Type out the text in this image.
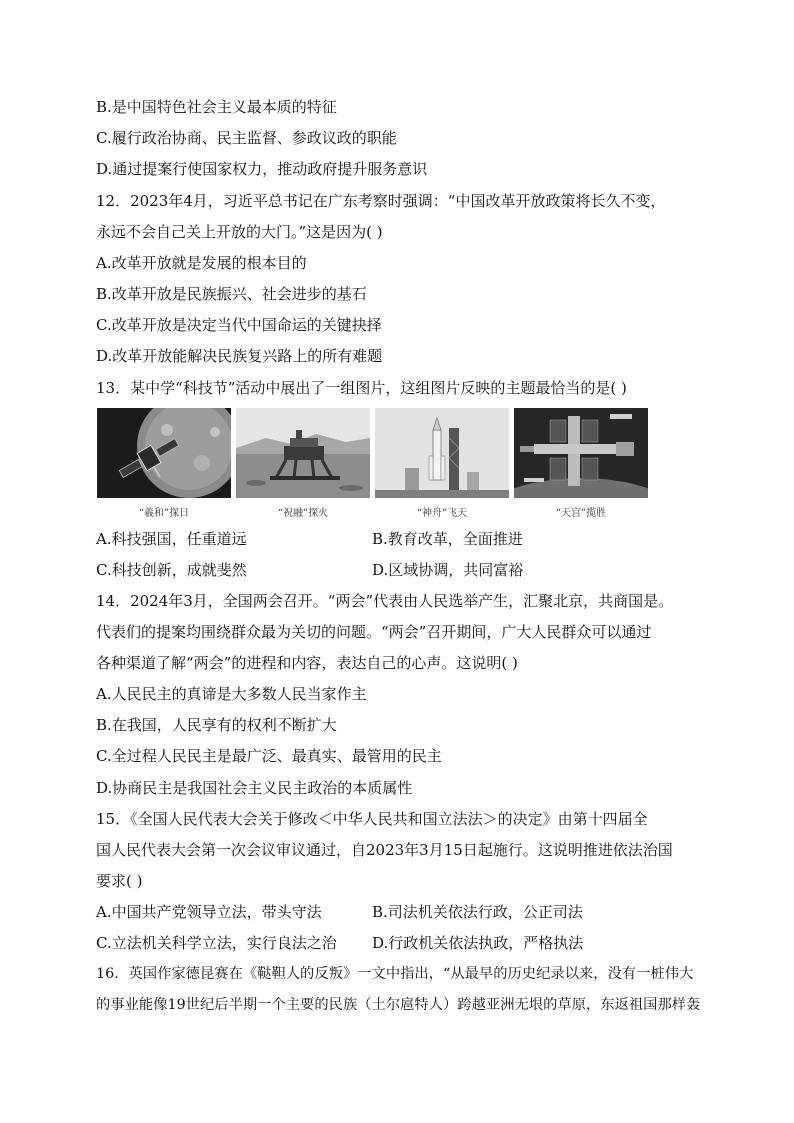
B.是中国特色社会主义最本质的特征
C.履行政治协商、民主监督、参政议政的职能
D.通过提案行使国家权力，推动政府提升服务意识
12．2023年4月，习近平总书记在广东考察时强调：“中国改革开放政策将长久不变，
永远不会自己关上开放的大门。”这是因为( )
A.改革开放就是发展的根本目的
B.改革开放是民族振兴、社会进步的基石
C.改革开放是决定当代中国命运的关键抉择
D.改革开放能解决民族复兴路上的所有难题
13．某中学“科技节”活动中展出了一组图片，这组图片反映的主题最恰当的是( )
“羲和”探日	“祝融”探火	“神舟”飞天	“天宫”揽胜
A.科技强国，任重道远	B.教育改革，全面推进
C.科技创新，成就斐然	D.区域协调，共同富裕
14．2024年3月，全国两会召开。“两会”代表由人民选举产生，汇聚北京，共商国是。
代表们的提案均围绕群众最为关切的问题。“两会”召开期间，广大人民群众可以通过
各种渠道了解“两会”的进程和内容，表达自己的心声。这说明( )
A.人民民主的真谛是大多数人民当家作主
B.在我国，人民享有的权利不断扩大
C.全过程人民民主是最广泛、最真实、最管用的民主
D.协商民主是我国社会主义民主政治的本质属性
15．《全国人民代表大会关于修改＜中华人民共和国立法法＞的决定》由第十四届全
国人民代表大会第一次会议审议通过，自2023年3月15日起施行。这说明推进依法治国
要求( )
A.中国共产党领导立法，带头守法	B.司法机关依法行政，公正司法
C.立法机关科学立法，实行良法之治 D.行政机关依法执政，严格执法
16．英国作家德昆赛在《鞑靼人的反叛》一文中指出，“从最早的历史纪录以来，没有一桩伟大
的事业能像19世纪后半期一个主要的民族（土尔扈特人）跨越亚洲无垠的草原，东返祖国那样轰
